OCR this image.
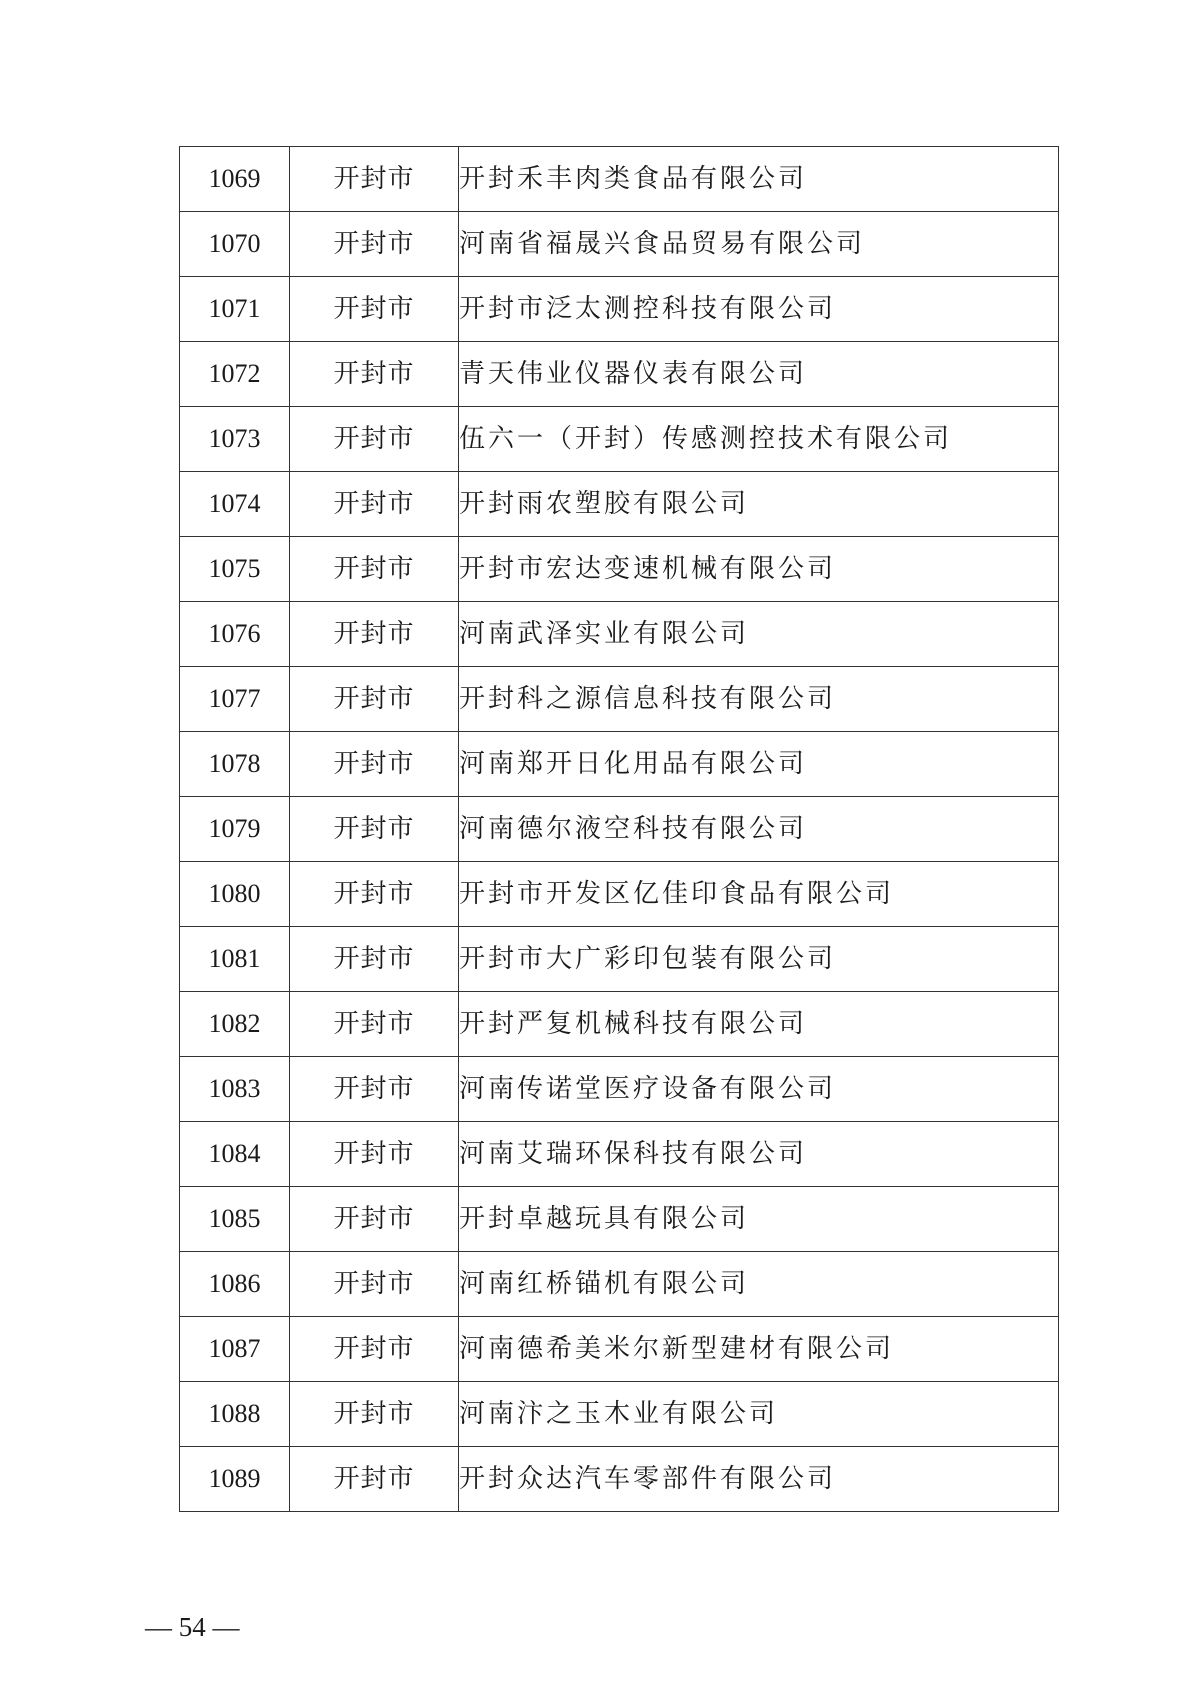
1069	开封市	开封禾丰肉类食品有限公司
1070	开封市	河南省福晟兴食品贸易有限公司
1071	开封市	开封市泛太测控科技有限公司
1072	开封市	青天伟业仪器仪表有限公司
1073	开封市	伍六一（开封）传感测控技术有限公司
1074	开封市	开封雨农塑胶有限公司
1075	开封市	开封市宏达变速机械有限公司
1076	开封市	河南武泽实业有限公司
1077	开封市	开封科之源信息科技有限公司
1078	开封市	河南郑开日化用品有限公司
1079	开封市	河南德尔液空科技有限公司
1080	开封市	开封市开发区亿佳印食品有限公司
1081	开封市	开封市大广彩印包装有限公司
1082	开封市	开封严复机械科技有限公司
1083	开封市	河南传诺堂医疗设备有限公司
1084	开封市	河南艾瑞环保科技有限公司
1085	开封市	开封卓越玩具有限公司
1086	开封市	河南红桥锚机有限公司
1087	开封市	河南德希美米尔新型建材有限公司
1088	开封市	河南汴之玉木业有限公司
1089	开封市	开封众达汽车零部件有限公司
— 54 —
